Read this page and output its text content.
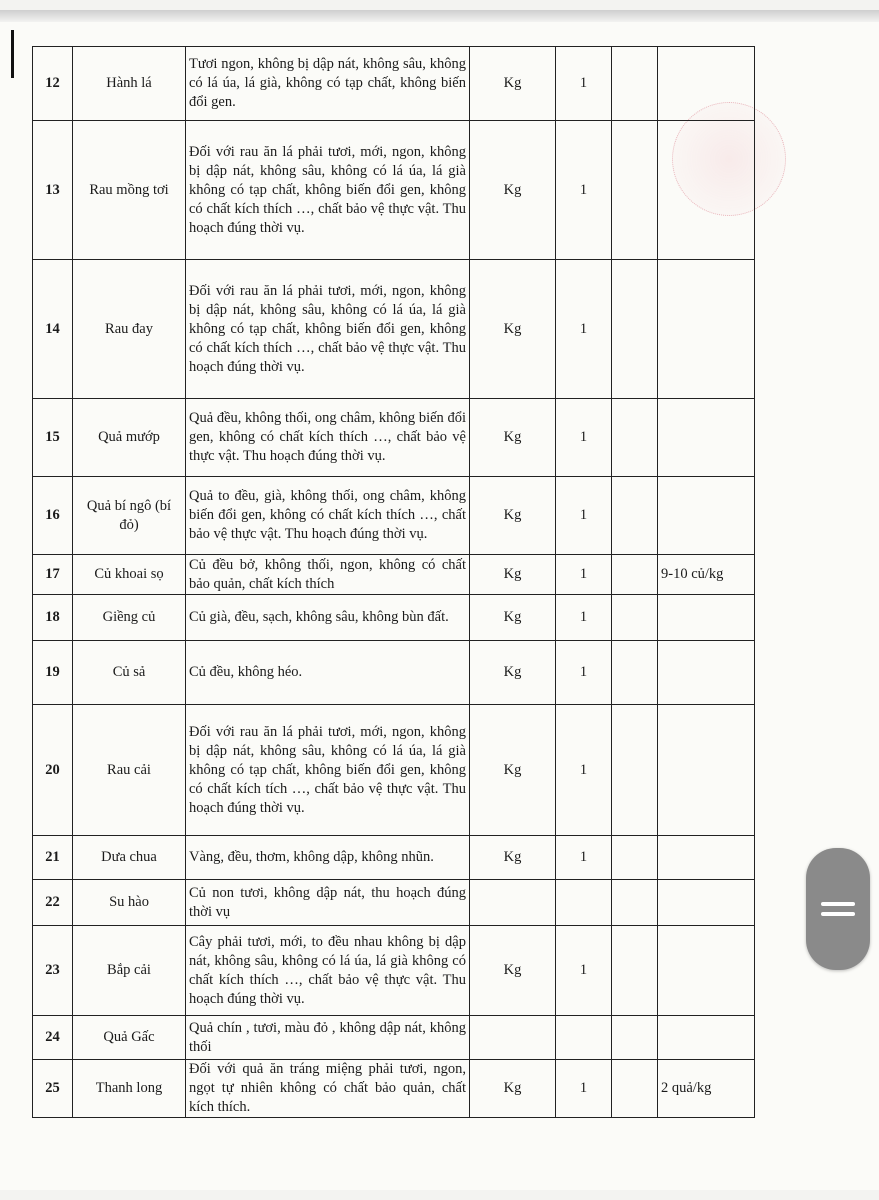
12	Hành lá	Tươi ngon, không bị dập nát, không sâu, không có lá úa, lá già, không có tạp chất, không biến đổi gen.	Kg	1		
13	Rau mồng tơi	Đối với rau ăn lá phải tươi, mới, ngon, không bị dập nát, không sâu, không có lá úa, lá già không có tạp chất, không biến đổi gen, không có chất kích thích …, chất bảo vệ thực vật. Thu hoạch đúng thời vụ.	Kg	1		
14	Rau đay	Đối với rau ăn lá phải tươi, mới, ngon, không bị dập nát, không sâu, không có lá úa, lá già không có tạp chất, không biến đổi gen, không có chất kích thích …, chất bảo vệ thực vật. Thu hoạch đúng thời vụ.	Kg	1		
15	Quả mướp	Quả đều, không thối, ong châm, không biến đổi gen, không có chất kích thích …, chất bảo vệ thực vật. Thu hoạch đúng thời vụ.	Kg	1		
16	Quả bí ngô (bí đỏ)	Quả to đều, già, không thối, ong châm, không biến đổi gen, không có chất kích thích …, chất bảo vệ thực vật. Thu hoạch đúng thời vụ.	Kg	1		
17	Củ khoai sọ	Củ đều bở, không thối, ngon, không có chất bảo quản, chất kích thích	Kg	1		9-10 củ/kg
18	Giềng củ	Củ già, đều, sạch, không sâu, không bùn đất.	Kg	1		
19	Củ sả	Củ đều, không héo.	Kg	1		
20	Rau cải	Đối với rau ăn lá phải tươi, mới, ngon, không bị dập nát, không sâu, không có lá úa, lá già không có tạp chất, không biến đổi gen, không có chất kích tích …, chất bảo vệ thực vật. Thu hoạch đúng thời vụ.	Kg	1		
21	Dưa chua	Vàng, đều, thơm, không dập, không nhũn.	Kg	1		
22	Su hào	Củ non tươi, không dập nát, thu hoạch đúng thời vụ				
23	Bắp cải	Cây phải tươi, mới, to đều nhau không bị dập nát, không sâu, không có lá úa, lá già không có chất kích thích …, chất bảo vệ thực vật. Thu hoạch đúng thời vụ.	Kg	1		
24	Quả Gấc	Quả chín , tươi, màu đỏ , không dập nát, không thối				
25	Thanh long	Đối với quả ăn tráng miệng phải tươi, ngon, ngọt tự nhiên không có chất bảo quản, chất kích thích.	Kg	1		2 quả/kg
